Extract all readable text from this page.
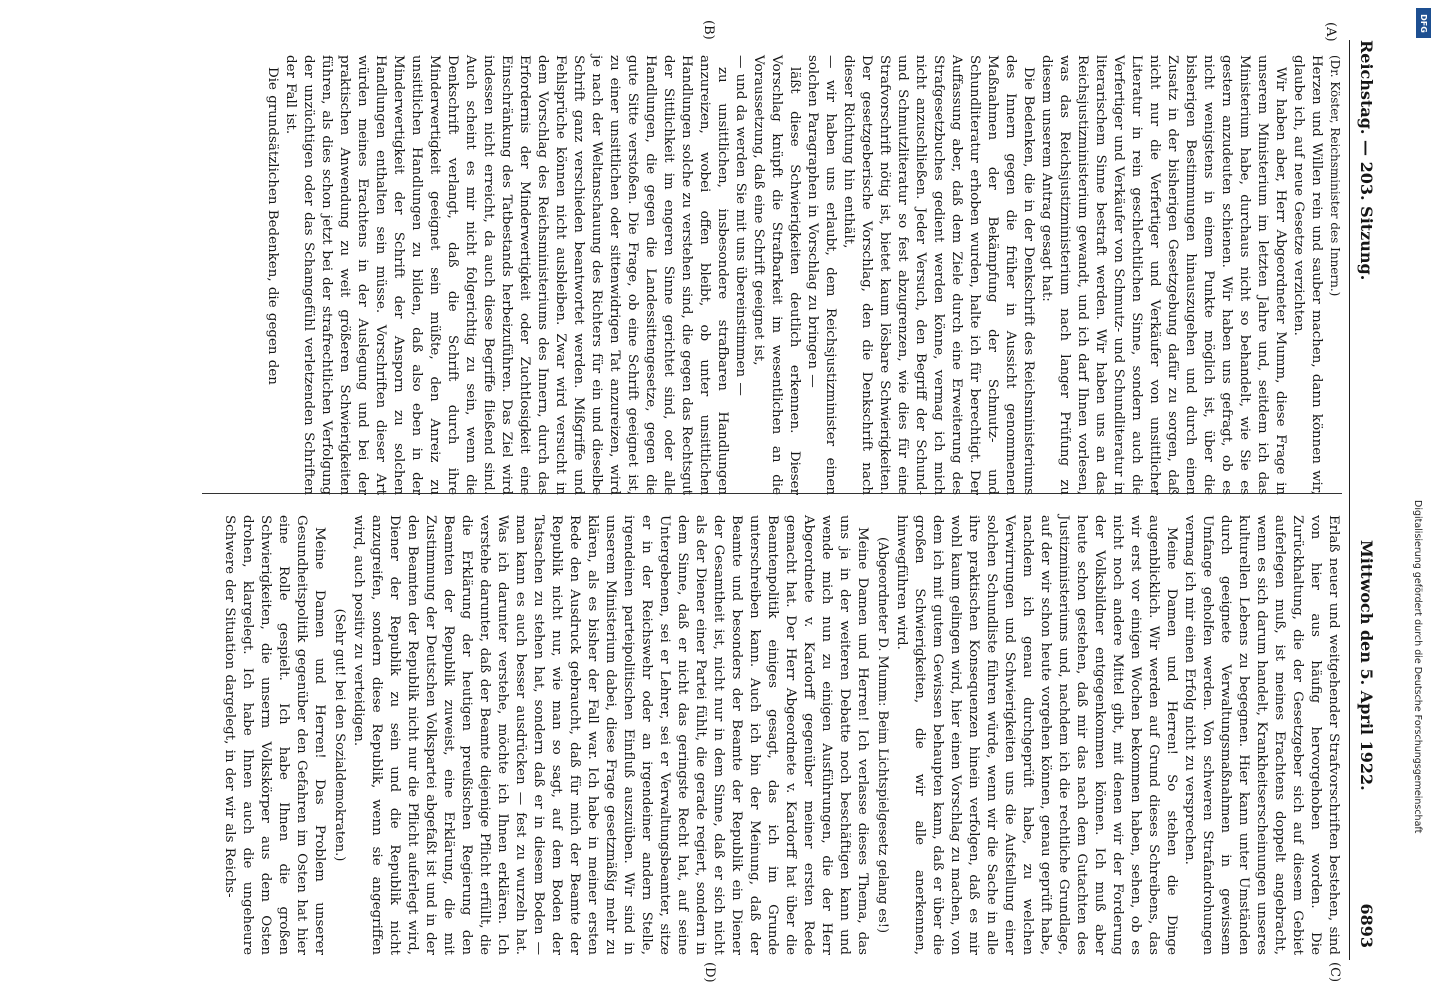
Reichstag. — 203. Sitzung.
Mittwoch den 5. April 1922.
6893
(A)
(B)
(C)
(D)

(Dr. Köster, Reichsminister des Innern.)

Herzen und Willen rein und sauber machen, dann können wir, glaube ich, auf neue Gesetze verzichten.

Wir haben aber, Herr Abgeordneter Mumm, diese Frage in unserem Ministerium im letzten Jahre und, seitdem ich das Ministerium habe, durchaus nicht so behandelt, wie Sie es gestern anzudeuten schienen. Wir haben uns gefragt, ob es nicht wenigstens in einem Punkte möglich ist, über die bisherigen Bestimmungen hinauszugehen und durch einen Zusatz in der bisherigen Gesetzgebung dafür zu sorgen, daß nicht nur die Verfertiger und Verkäufer von unsittlicher Literatur in rein geschlechtlichen Sinne, sondern auch die Verfertiger und Verkäufer von Schmutz- und Schundliteratur in literarischem Sinne bestraft werden. Wir haben uns an das Reichsjustizministerium gewandt, und ich darf Ihnen vorlesen, was das Reichsjustizministerium nach langer Prüfung zu diesem unserem Antrag gesagt hat:

Die Bedenken, die in der Denkschrift des Reichsministeriums des Innern gegen die früher in Aussicht genommenen Maßnahmen der Bekämpfung der Schmutz- und Schundliteratur erhoben wurden, halte ich für berechtigt. Der Auffassung aber, daß dem Ziele durch eine Erweiterung des Strafgesetzbuches gedient werden könne, vermag ich mich nicht anzuschließen. Jeder Versuch, den Begriff der Schund- und Schmutzliteratur so fest abzugrenzen, wie dies für eine Strafvorschrift nötig ist, bietet kaum lösbare Schwierigkeiten. Der gesetzgeberische Vorschlag, den die Denkschrift nach dieser Richtung hin enthält,

— wir haben uns erlaubt, dem Reichsjustizminister einen solchen Paragraphen in Vorschlag zu bringen —

läßt diese Schwierigkeiten deutlich erkennen. Dieser Vorschlag knüpft die Strafbarkeit im wesentlichen an die Voraussetzung, daß eine Schrift geeignet ist,

— und da werden Sie mit uns übereinstimmen —

zu unsittlichen, insbesondere strafbaren Handlungen anzureizen, wobei offen bleibt, ob unter unsittlichen Handlungen solche zu verstehen sind, die gegen das Rechtsgut der Sittlichkeit im engeren Sinne gerichtet sind, oder alle Handlungen, die gegen die Landessittengesetze, gegen die gute Sitte verstoßen. Die Frage, ob eine Schrift geeignet ist, zu einer unsittlichen oder sittenwidrigen Tat anzureizen, wird je nach der Weltanschauung des Richters für ein und dieselbe Schrift ganz verschieden beantwortet werden. Mißgriffe und Fehlsprüche können nicht ausbleiben. Zwar wird versucht in dem Vorschlag des Reichsministeriums des Innern, durch das Erfordernis der Minderwertigkeit oder Zuchtlosigkeit eine Einschränkung des Tatbestands herbeizuführen. Das Ziel wird indessen nicht erreicht, da auch diese Begriffe fließend sind. Auch scheint es mir nicht folgerichtig zu sein, wenn die Denkschrift verlangt, daß die Schrift durch ihre Minderwertigkeit geeignet sein müßte, den Anreiz zu unsittlichen Handlungen zu bilden, daß also eben in der Minderwertigkeit der Schrift der Ansporn zu solchen Handlungen enthalten sein müsse. Vorschriften dieser Art würden meines Erachtens in der Auslegung und bei der praktischen Anwendung zu weit größeren Schwierigkeiten führen, als dies schon jetzt bei der strafrechtlichen Verfolgung der unzüchtigen oder das Schamgefühl verletzenden Schriften der Fall ist.

Die grundsätzlichen Bedenken, die gegen den

Erlaß neuer und weitgehender Strafvorschriften bestehen, sind von hier aus häufig hervorgehoben worden. Die Zurückhaltung, die der Gesetzgeber sich auf diesem Gebiet auferlegen muß, ist meines Erachtens doppelt angebracht, wenn es sich darum handelt, Krankheitserscheinungen unseres kulturellen Lebens zu begegnen. Hier kann unter Umständen durch geeignete Verwaltungsmaßnahmen in gewissem Umfange geholfen werden. Von schweren Strafandrohungen vermag ich mir einen Erfolg nicht zu versprechen.

Meine Damen und Herren! So stehen die Dinge augenblicklich. Wir werden auf Grund dieses Schreibens, das wir erst vor einigen Wochen bekommen haben, sehen, ob es nicht noch andere Mittel gibt, mit denen wir der Forderung der Volksbildner entgegenkommen können. Ich muß aber heute schon gestehen, daß mir das nach dem Gutachten des Justizministeriums und, nachdem ich die rechtliche Grundlage, auf der wir schon heute vorgehen können, genau geprüft habe, nachdem ich genau durchgeprüft habe, zu welchen Verwirrungen und Schwierigkeiten uns die Aufstellung einer solchen Schundliste führen würde, wenn wir die Sache in alle ihre praktischen Konsequenzen hinein verfolgen, daß es mir wohl kaum gelingen wird, hier einen Vorschlag zu machen, von dem ich mit gutem Gewissen behaupten kann, daß er über die großen Schwierigkeiten, die wir alle anerkennen, hinwegführen wird.

(Abgeordneter D. Mumm: Beim Lichtspielgesetz gelang es!)

Meine Damen und Herren! Ich verlasse dieses Thema, das uns ja in der weiteren Debatte noch beschäftigen kann und wende mich nun zu einigen Ausführungen, die der Herr Abgeordnete v. Kardorff gegenüber meiner ersten Rede gemacht hat. Der Herr Abgeordnete v. Kardorff hat über die Beamtenpolitik einiges gesagt, das ich im Grunde unterschreiben kann. Auch ich bin der Meinung, daß der Beamte und besonders der Beamte der Republik ein Diener der Gesamtheit ist, nicht nur in dem Sinne, daß er sich nicht als der Diener einer Partei fühlt, die gerade regiert, sondern in dem Sinne, daß er nicht das geringste Recht hat, auf seine Untergebenen, sei er Lehrer, sei er Verwaltungsbeamter, sitze er in der Reichswehr oder an irgendeiner andern Stelle, irgendeinen parteipolitischen Einfluß auszuüben. Wir sind in unserem Ministerium dabei, diese Frage gesetzmäßig mehr zu klären, als es bisher der Fall war. Ich habe in meiner ersten Rede den Ausdruck gebraucht, daß für mich der Beamte der Republik nicht nur, wie man so sagt, auf dem Boden der Tatsachen zu stehen hat, sondern daß er in diesem Boden — man kann es auch besser ausdrücken — fest zu wurzeln hat. Was ich darunter verstehe, möchte ich Ihnen erklären. Ich verstehe darunter, daß der Beamte diejenige Pflicht erfüllt, die die Erklärung der heutigen preußischen Regierung den Beamten der Republik zuweist, eine Erklärung, die mit Zustimmung der Deutschen Volkspartei abgefaßt ist und in der den Beamten der Republik nicht nur die Pflicht auferlegt wird, Diener der Republik zu sein und die Republik nicht anzugreifen, sondern diese Republik, wenn sie angegriffen wird, auch positiv zu verteidigen.

(Sehr gut! bei den Sozialdemokraten.)

Meine Damen und Herren! Das Problem unserer Gesundheitspolitik gegenüber den Gefahren im Osten hat hier eine Rolle gespielt. Ich habe Ihnen die großen Schwierigkeiten, die unserm Volkskörper aus dem Osten drohen, klargelegt. Ich habe Ihnen auch die ungeheure Schwere der Situation dargelegt, in der wir als Reichs-

DFG
Digitalisierung gefördert durch die Deutsche Forschungsgemeinschaft
